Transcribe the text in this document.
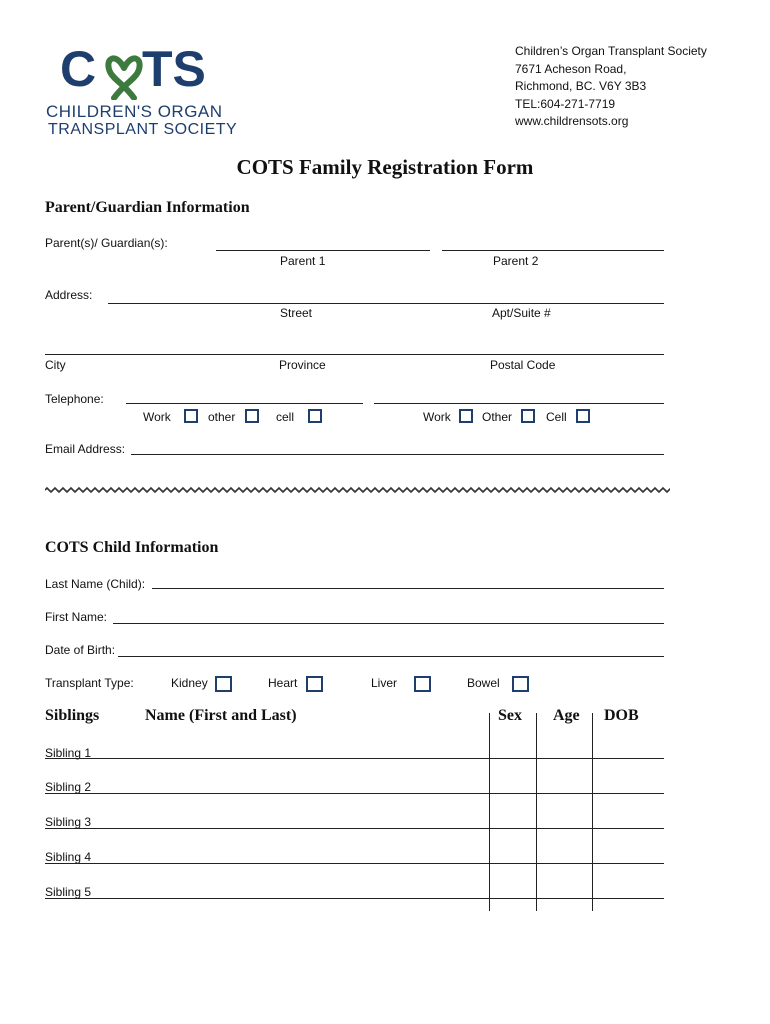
C TS
CHILDREN'S ORGAN
TRANSPLANT SOCIETY
Children’s Organ Transplant Society
7671 Acheson Road,
Richmond, BC. V6Y 3B3
TEL:604-271-7719
www.childrensots.org
COTS Family Registration Form
Parent/Guardian Information
Parent(s)/ Guardian(s):
Parent 1	Parent 2
Address:
Street	Apt/Suite #
City	Province	Postal Code
Telephone:
Work	other	cell	Work	Other	Cell
Email Address:
COTS Child Information
Last Name (Child):
First Name:
Date of Birth:
Transplant Type:	Kidney	Heart	Liver	Bowel
Siblings	Name (First and Last)	Sex Age DOB
Sibling 1
Sibling 2
Sibling 3
Sibling 4
Sibling 5
